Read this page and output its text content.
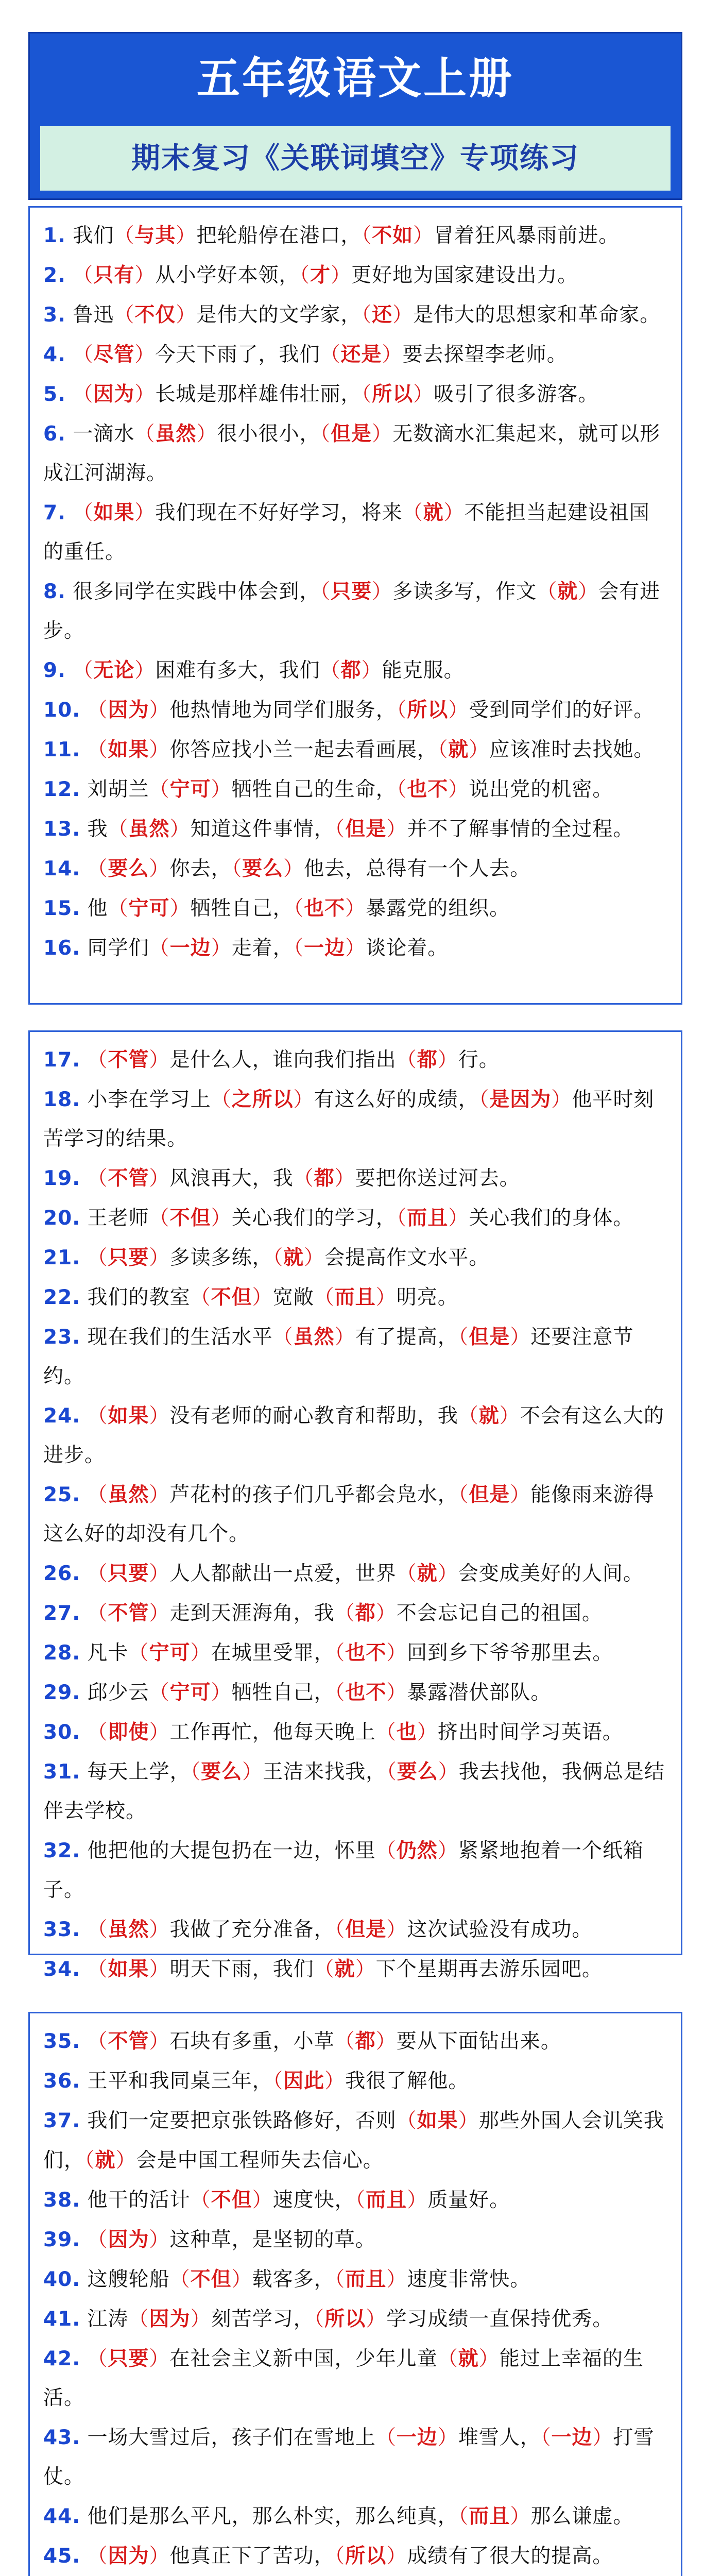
五年级语文上册
期末复习《关联词填空》专项练习
1. 我们（与其）把轮船停在港口，（不如）冒着狂风暴雨前进。
2. （只有）从小学好本领，（才）更好地为国家建设出力。
3. 鲁迅（不仅）是伟大的文学家，（还）是伟大的思想家和革命家。
4. （尽管）今天下雨了，我们（还是）要去探望李老师。
5. （因为）长城是那样雄伟壮丽，（所以）吸引了很多游客。
6. 一滴水（虽然）很小很小，（但是）无数滴水汇集起来，就可以形成江河湖海。
7. （如果）我们现在不好好学习，将来（就）不能担当起建设祖国的重任。
8. 很多同学在实践中体会到，（只要）多读多写，作文（就）会有进步。
9. （无论）困难有多大，我们（都）能克服。
10. （因为）他热情地为同学们服务，（所以）受到同学们的好评。
11. （如果）你答应找小兰一起去看画展，（就）应该准时去找她。
12. 刘胡兰（宁可）牺牲自己的生命，（也不）说出党的机密。
13. 我（虽然）知道这件事情，（但是）并不了解事情的全过程。
14. （要么）你去，（要么）他去，总得有一个人去。
15. 他（宁可）牺牲自己，（也不）暴露党的组织。
16. 同学们（一边）走着，（一边）谈论着。
17. （不管）是什么人，谁向我们指出（都）行。
18. 小李在学习上（之所以）有这么好的成绩，（是因为）他平时刻苦学习的结果。
19. （不管）风浪再大，我（都）要把你送过河去。
20. 王老师（不但）关心我们的学习，（而且）关心我们的身体。
21. （只要）多读多练，（就）会提高作文水平。
22. 我们的教室（不但）宽敞（而且）明亮。
23. 现在我们的生活水平（虽然）有了提高，（但是）还要注意节约。
24. （如果）没有老师的耐心教育和帮助，我（就）不会有这么大的进步。
25. （虽然）芦花村的孩子们几乎都会凫水，（但是）能像雨来游得这么好的却没有几个。
26. （只要）人人都献出一点爱，世界（就）会变成美好的人间。
27. （不管）走到天涯海角，我（都）不会忘记自己的祖国。
28. 凡卡（宁可）在城里受罪，（也不）回到乡下爷爷那里去。
29. 邱少云（宁可）牺牲自己，（也不）暴露潜伏部队。
30. （即使）工作再忙，他每天晚上（也）挤出时间学习英语。
31. 每天上学，（要么）王洁来找我，（要么）我去找他，我俩总是结伴去学校。
32. 他把他的大提包扔在一边，怀里（仍然）紧紧地抱着一个纸箱子。
33. （虽然）我做了充分准备，（但是）这次试验没有成功。
34. （如果）明天下雨，我们（就）下个星期再去游乐园吧。
35. （不管）石块有多重，小草（都）要从下面钻出来。
36. 王平和我同桌三年，（因此）我很了解他。
37. 我们一定要把京张铁路修好，否则（如果）那些外国人会讥笑我们，（就）会是中国工程师失去信心。
38. 他干的活计（不但）速度快，（而且）质量好。
39. （因为）这种草，是坚韧的草。
40. 这艘轮船（不但）载客多，（而且）速度非常快。
41. 江涛（因为）刻苦学习，（所以）学习成绩一直保持优秀。
42. （只要）在社会主义新中国，少年儿童（就）能过上幸福的生活。
43. 一场大雪过后，孩子们在雪地上（一边）堆雪人，（一边）打雪仗。
44. 他们是那么平凡，那么朴实，那么纯真，（而且）那么谦虚。
45. （因为）他真正下了苦功，（所以）成绩有了很大的提高。
